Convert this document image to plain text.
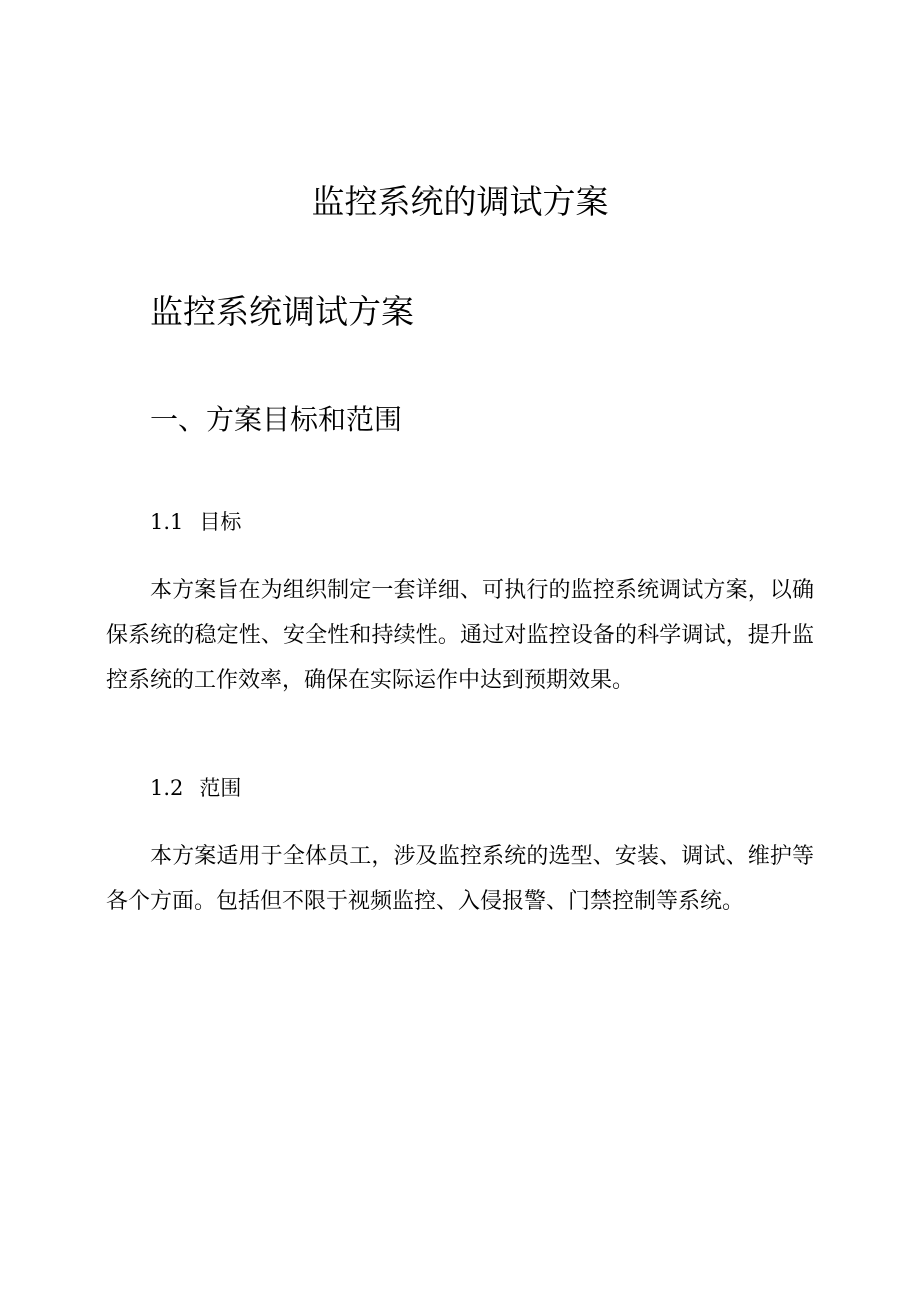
监控系统的调试方案
监控系统调试方案
一、方案目标和范围
1.1 目标

本方案旨在为组织制定一套详细、可执行的监控系统调试方案，以确保系统的稳定性、安全性和持续性。通过对监控设备的科学调试，提升监控系统的工作效率，确保在实际运作中达到预期效果。

1.2 范围

本方案适用于全体员工，涉及监控系统的选型、安装、调试、维护等各个方面。包括但不限于视频监控、入侵报警、门禁控制等系统。
